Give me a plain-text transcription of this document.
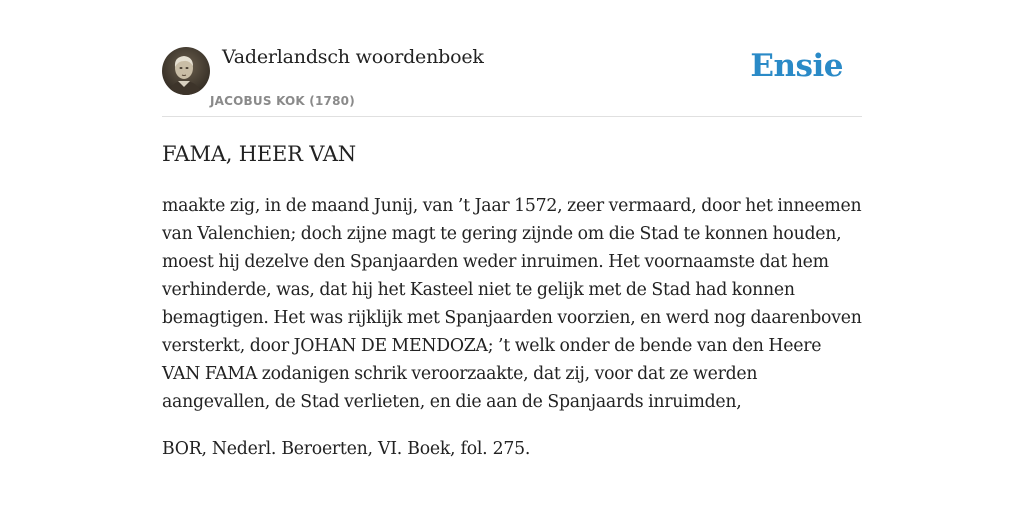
Vaderlandsch woordenboek
JACOBUS KOK (1780)
Ensie
FAMA, HEER VAN

maakte zig, in de maand Junij, van ’t Jaar 1572, zeer vermaard, door het inneemen van Valenchien; doch zijne magt te gering zijnde om die Stad te konnen houden, moest hij dezelve den Spanjaarden weder inruimen. Het voornaamste dat hem verhinderde, was, dat hij het Kasteel niet te gelijk met de Stad had konnen bemagtigen. Het was rijklijk met Spanjaarden voorzien, en werd nog daarenboven versterkt, door JOHAN DE MENDOZA; ’t welk onder de bende van den Heere VAN FAMA zodanigen schrik veroorzaakte, dat zij, voor dat ze werden aangevallen, de Stad verlieten, en die aan de Spanjaards inruimden,

BOR, Nederl. Beroerten, VI. Boek, fol. 275.
